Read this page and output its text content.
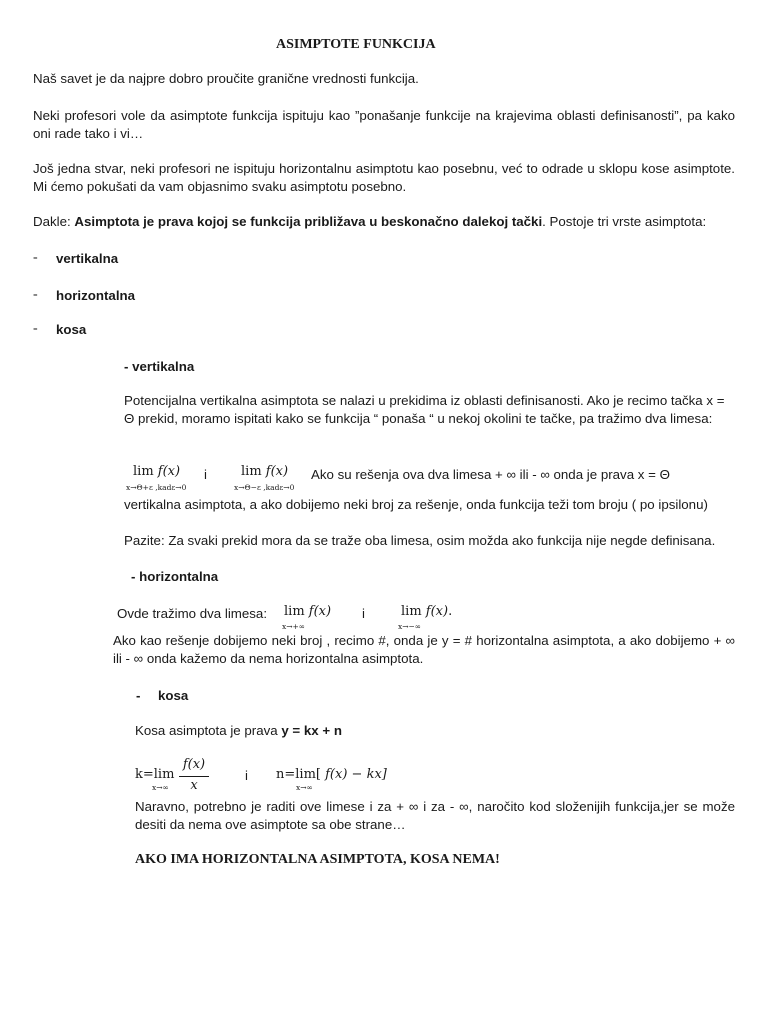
ASIMPTOTE FUNKCIJA
Naš savet je da najpre dobro proučite granične vrednosti funkcija.
Neki profesori vole da asimptote funkcija ispituju kao ”ponašanje funkcije na krajevima oblasti definisanosti”, pa kako oni rade tako i vi…
Još jedna stvar, neki profesori ne ispituju horizontalnu asimptotu kao posebnu, već to odrade u sklopu kose asimptote. Mi ćemo pokušati da vam objasnimo svaku asimptotu posebno.
Dakle: Asimptota je prava kojoj se funkcija približava u beskonačno dalekoj tački. Postoje tri vrste asimptota:
- vertikalna
- horizontalna
- kosa
- vertikalna
Potencijalna vertikalna asimptota se nalazi u prekidima iz oblasti definisanosti. Ako je recimo tačka x = Θ prekid, moramo ispitati kako se funkcija “ ponaša “ u nekoj okolini te tačke, pa tražimo dva limesa:
lim f(x)
x→Θ+ε ,kadε→0
i	lim f(x)
x→Θ−ε ,kadε→0
Ako su rešenja ova dva limesa + ∞ ili - ∞ onda je prava x = Θ
vertikalna asimptota, a ako dobijemo neki broj za rešenje, onda funkcija teži tom broju ( po ipsilonu)
Pazite: Za svaki prekid mora da se traže oba limesa, osim možda ako funkcija nije negde definisana.
- horizontalna
Ovde tražimo dva limesa: lim f(x)
x→+∞
i	lim f(x).
x→−∞
Ako kao rešenje dobijemo neki broj , recimo #, onda je y = # horizontalna asimptota, a ako dobijemo + ∞ ili - ∞ onda kažemo da nema horizontalna asimptota.
- kosa
Kosa asimptota je prava y = kx + n
k=lim
x→∞
f(x)
x
i n=lim[ f(x) − kx]
x→∞
Naravno, potrebno je raditi ove limese i za + ∞ i za - ∞, naročito kod složenijih funkcija,jer se može desiti da nema ove asimptote sa obe strane…
AKO IMA HORIZONTALNA ASIMPTOTA, KOSA NEMA!
